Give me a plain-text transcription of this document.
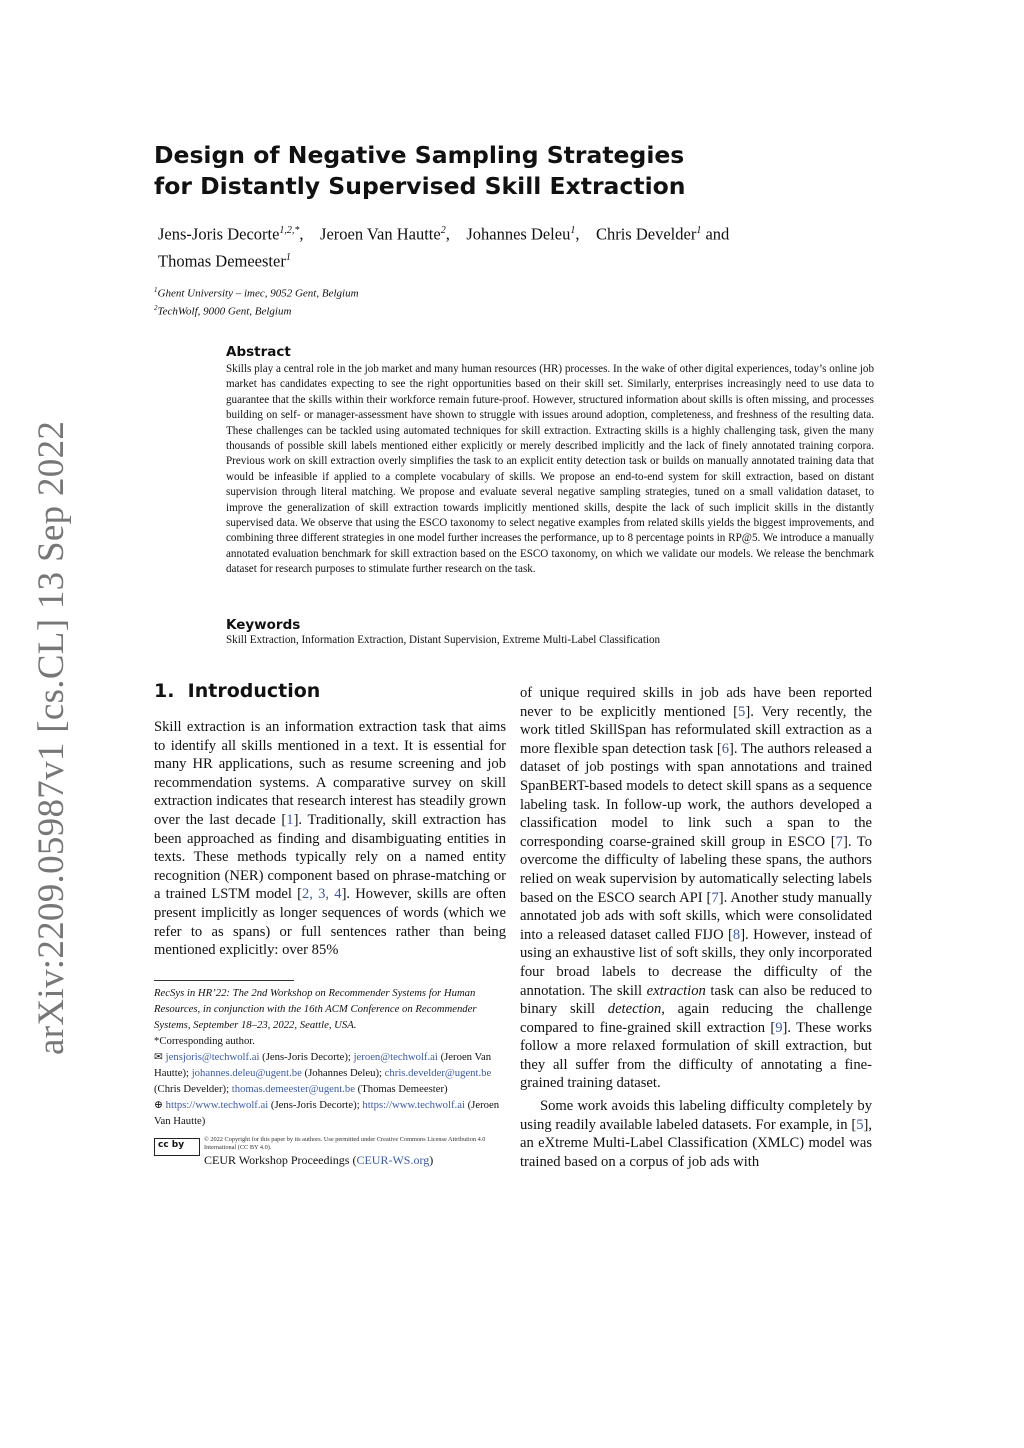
arXiv:2209.05987v1 [cs.CL] 13 Sep 2022
Design of Negative Sampling Strategies
for Distantly Supervised Skill Extraction
Jens-Joris Decorte$^{1,2,*}$,    Jeroen Van Hautte$^2$,    Johannes Deleu$^1$,    Chris Develder$^1$ and
Thomas Demeester$^1$
$^1$Ghent University – imec, 9052 Gent, Belgium
$^2$TechWolf, 9000 Gent, Belgium
Abstract
Skills play a central role in the job market and many human resources (HR) processes. In the wake of other digital experiences, today’s online job market has candidates expecting to see the right opportunities based on their skill set. Similarly, enterprises increasingly need to use data to guarantee that the skills within their workforce remain future-proof. However, structured information about skills is often missing, and processes building on self- or manager-assessment have shown to struggle with issues around adoption, completeness, and freshness of the resulting data. These challenges can be tackled using automated techniques for skill extraction. Extracting skills is a highly challenging task, given the many thousands of possible skill labels mentioned either explicitly or merely described implicitly and the lack of finely annotated training corpora. Previous work on skill extraction overly simplifies the task to an explicit entity detection task or builds on manually annotated training data that would be infeasible if applied to a complete vocabulary of skills. We propose an end-to-end system for skill extraction, based on distant supervision through literal matching. We propose and evaluate several negative sampling strategies, tuned on a small validation dataset, to improve the generalization of skill extraction towards implicitly mentioned skills, despite the lack of such implicit skills in the distantly supervised data. We observe that using the ESCO taxonomy to select negative examples from related skills yields the biggest improvements, and combining three different strategies in one model further increases the performance, up to 8 percentage points in RP@5. We introduce a manually annotated evaluation benchmark for skill extraction based on the ESCO taxonomy, on which we validate our models. We release the benchmark dataset for research purposes to stimulate further research on the task.
Keywords
Skill Extraction, Information Extraction, Distant Supervision, Extreme Multi-Label Classification
1.  Introduction

Skill extraction is an information extraction task that aims to identify all skills mentioned in a text. It is essential for many HR applications, such as resume screening and job recommendation systems. A comparative survey on skill extraction indicates that research interest has steadily grown over the last decade [1]. Traditionally, skill extraction has been approached as finding and disambiguating entities in texts. These methods typically rely on a named entity recognition (NER) component based on phrase-matching or a trained LSTM model [2, 3, 4]. However, skills are often present implicitly as longer sequences of words (which we refer to as spans) or full sentences rather than being mentioned explicitly: over 85%

of unique required skills in job ads have been reported never to be explicitly mentioned [5]. Very recently, the work titled SkillSpan has reformulated skill extraction as a more flexible span detection task [6]. The authors released a dataset of job postings with span annotations and trained SpanBERT-based models to detect skill spans as a sequence labeling task. In follow-up work, the authors developed a classification model to link such a span to the corresponding coarse-grained skill group in ESCO [7]. To overcome the difficulty of labeling these spans, the authors relied on weak supervision by automatically selecting labels based on the ESCO search API [7]. Another study manually annotated job ads with soft skills, which were consolidated into a released dataset called FIJO [8]. However, instead of using an exhaustive list of soft skills, they only incorporated four broad labels to decrease the difficulty of the annotation. The skill extraction task can also be reduced to binary skill detection, again reducing the challenge compared to fine-grained skill extraction [9]. These works follow a more relaxed formulation of skill extraction, but they all suffer from the difficulty of annotating a fine-grained training dataset.

Some work avoids this labeling difficulty completely by using readily available labeled datasets. For example, in [5], an eXtreme Multi-Label Classification (XMLC) model was trained based on a corpus of job ads with

RecSys in HR’22: The 2nd Workshop on Recommender Systems for Human Resources, in conjunction with the 16th ACM Conference on Recommender Systems, September 18–23, 2022, Seattle, USA.
*Corresponding author.
✉ jensjoris@techwolf.ai (Jens-Joris Decorte); jeroen@techwolf.ai (Jeroen Van Hautte); johannes.deleu@ugent.be (Johannes Deleu); chris.develder@ugent.be (Chris Develder); thomas.demeester@ugent.be (Thomas Demeester)
⊕ https://www.techwolf.ai (Jens-Joris Decorte); https://www.techwolf.ai (Jeroen Van Hautte)
cc by
© 2022 Copyright for this paper by its authors. Use permitted under Creative Commons License Attribution 4.0 International (CC BY 4.0).
CEUR Workshop Proceedings (CEUR-WS.org)
